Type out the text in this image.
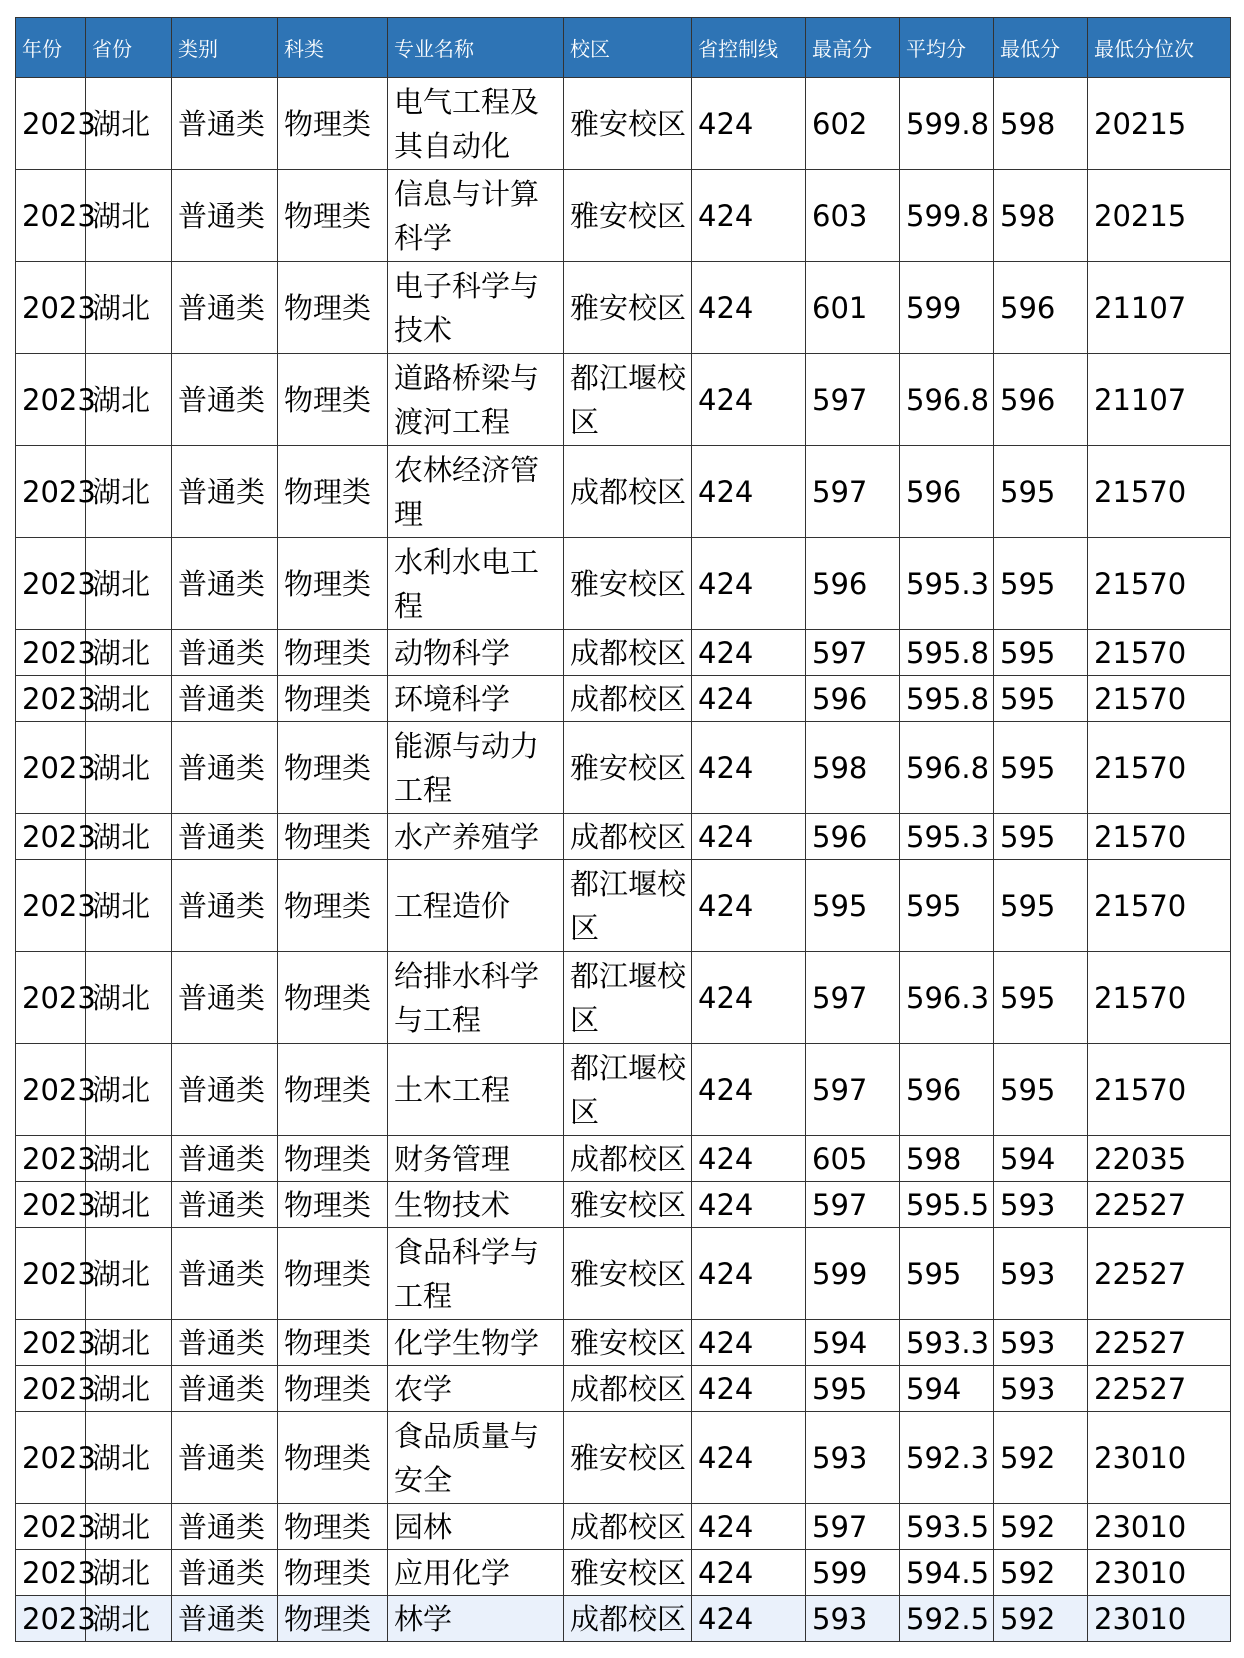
年份	省份	类别	科类	专业名称	校区	省控制线	最高分	平均分	最低分	最低分位次
2023	湖北	普通类	物理类	电气工程及其自动化	雅安校区	424	602	599.8	598	20215
2023	湖北	普通类	物理类	信息与计算科学	雅安校区	424	603	599.8	598	20215
2023	湖北	普通类	物理类	电子科学与技术	雅安校区	424	601	599	596	21107
2023	湖北	普通类	物理类	道路桥梁与渡河工程	都江堰校区	424	597	596.8	596	21107
2023	湖北	普通类	物理类	农林经济管理	成都校区	424	597	596	595	21570
2023	湖北	普通类	物理类	水利水电工程	雅安校区	424	596	595.3	595	21570
2023	湖北	普通类	物理类	动物科学	成都校区	424	597	595.8	595	21570
2023	湖北	普通类	物理类	环境科学	成都校区	424	596	595.8	595	21570
2023	湖北	普通类	物理类	能源与动力工程	雅安校区	424	598	596.8	595	21570
2023	湖北	普通类	物理类	水产养殖学	成都校区	424	596	595.3	595	21570
2023	湖北	普通类	物理类	工程造价	都江堰校区	424	595	595	595	21570
2023	湖北	普通类	物理类	给排水科学与工程	都江堰校区	424	597	596.3	595	21570
2023	湖北	普通类	物理类	土木工程	都江堰校区	424	597	596	595	21570
2023	湖北	普通类	物理类	财务管理	成都校区	424	605	598	594	22035
2023	湖北	普通类	物理类	生物技术	雅安校区	424	597	595.5	593	22527
2023	湖北	普通类	物理类	食品科学与工程	雅安校区	424	599	595	593	22527
2023	湖北	普通类	物理类	化学生物学	雅安校区	424	594	593.3	593	22527
2023	湖北	普通类	物理类	农学	成都校区	424	595	594	593	22527
2023	湖北	普通类	物理类	食品质量与安全	雅安校区	424	593	592.3	592	23010
2023	湖北	普通类	物理类	园林	成都校区	424	597	593.5	592	23010
2023	湖北	普通类	物理类	应用化学	雅安校区	424	599	594.5	592	23010
2023	湖北	普通类	物理类	林学	成都校区	424	593	592.5	592	23010
